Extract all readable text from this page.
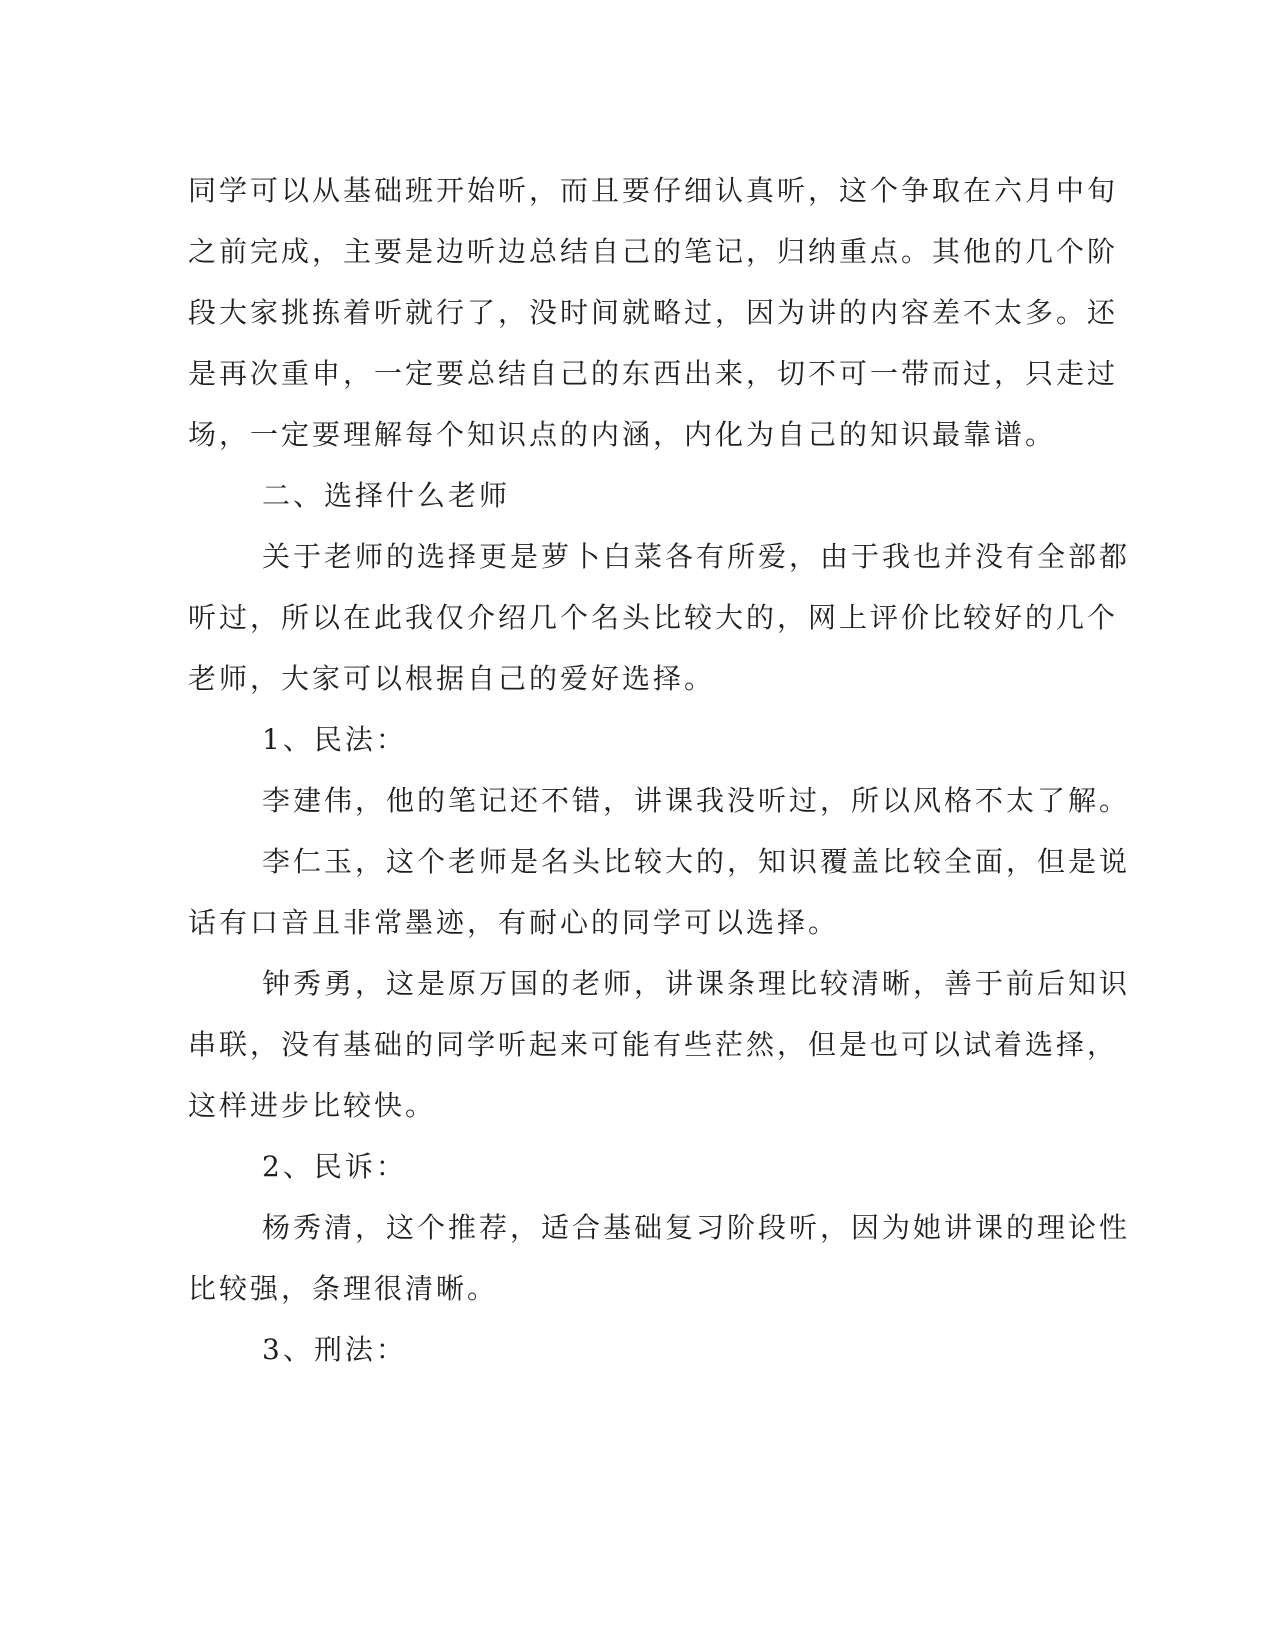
同学可以从基础班开始听，而且要仔细认真听，这个争取在六月中旬
之前完成，主要是边听边总结自己的笔记，归纳重点。其他的几个阶
段大家挑拣着听就行了，没时间就略过，因为讲的内容差不太多。还
是再次重申，一定要总结自己的东西出来，切不可一带而过，只走过
场，一定要理解每个知识点的内涵，内化为自己的知识最靠谱。
二、选择什么老师
关于老师的选择更是萝卜白菜各有所爱，由于我也并没有全部都
听过，所以在此我仅介绍几个名头比较大的，网上评价比较好的几个
老师，大家可以根据自己的爱好选择。
1、民法：
李建伟，他的笔记还不错，讲课我没听过，所以风格不太了解。
李仁玉，这个老师是名头比较大的，知识覆盖比较全面，但是说
话有口音且非常墨迹，有耐心的同学可以选择。
钟秀勇，这是原万国的老师，讲课条理比较清晰，善于前后知识
串联，没有基础的同学听起来可能有些茫然，但是也可以试着选择，
这样进步比较快。
2、民诉：
杨秀清，这个推荐，适合基础复习阶段听，因为她讲课的理论性
比较强，条理很清晰。
3、刑法：
